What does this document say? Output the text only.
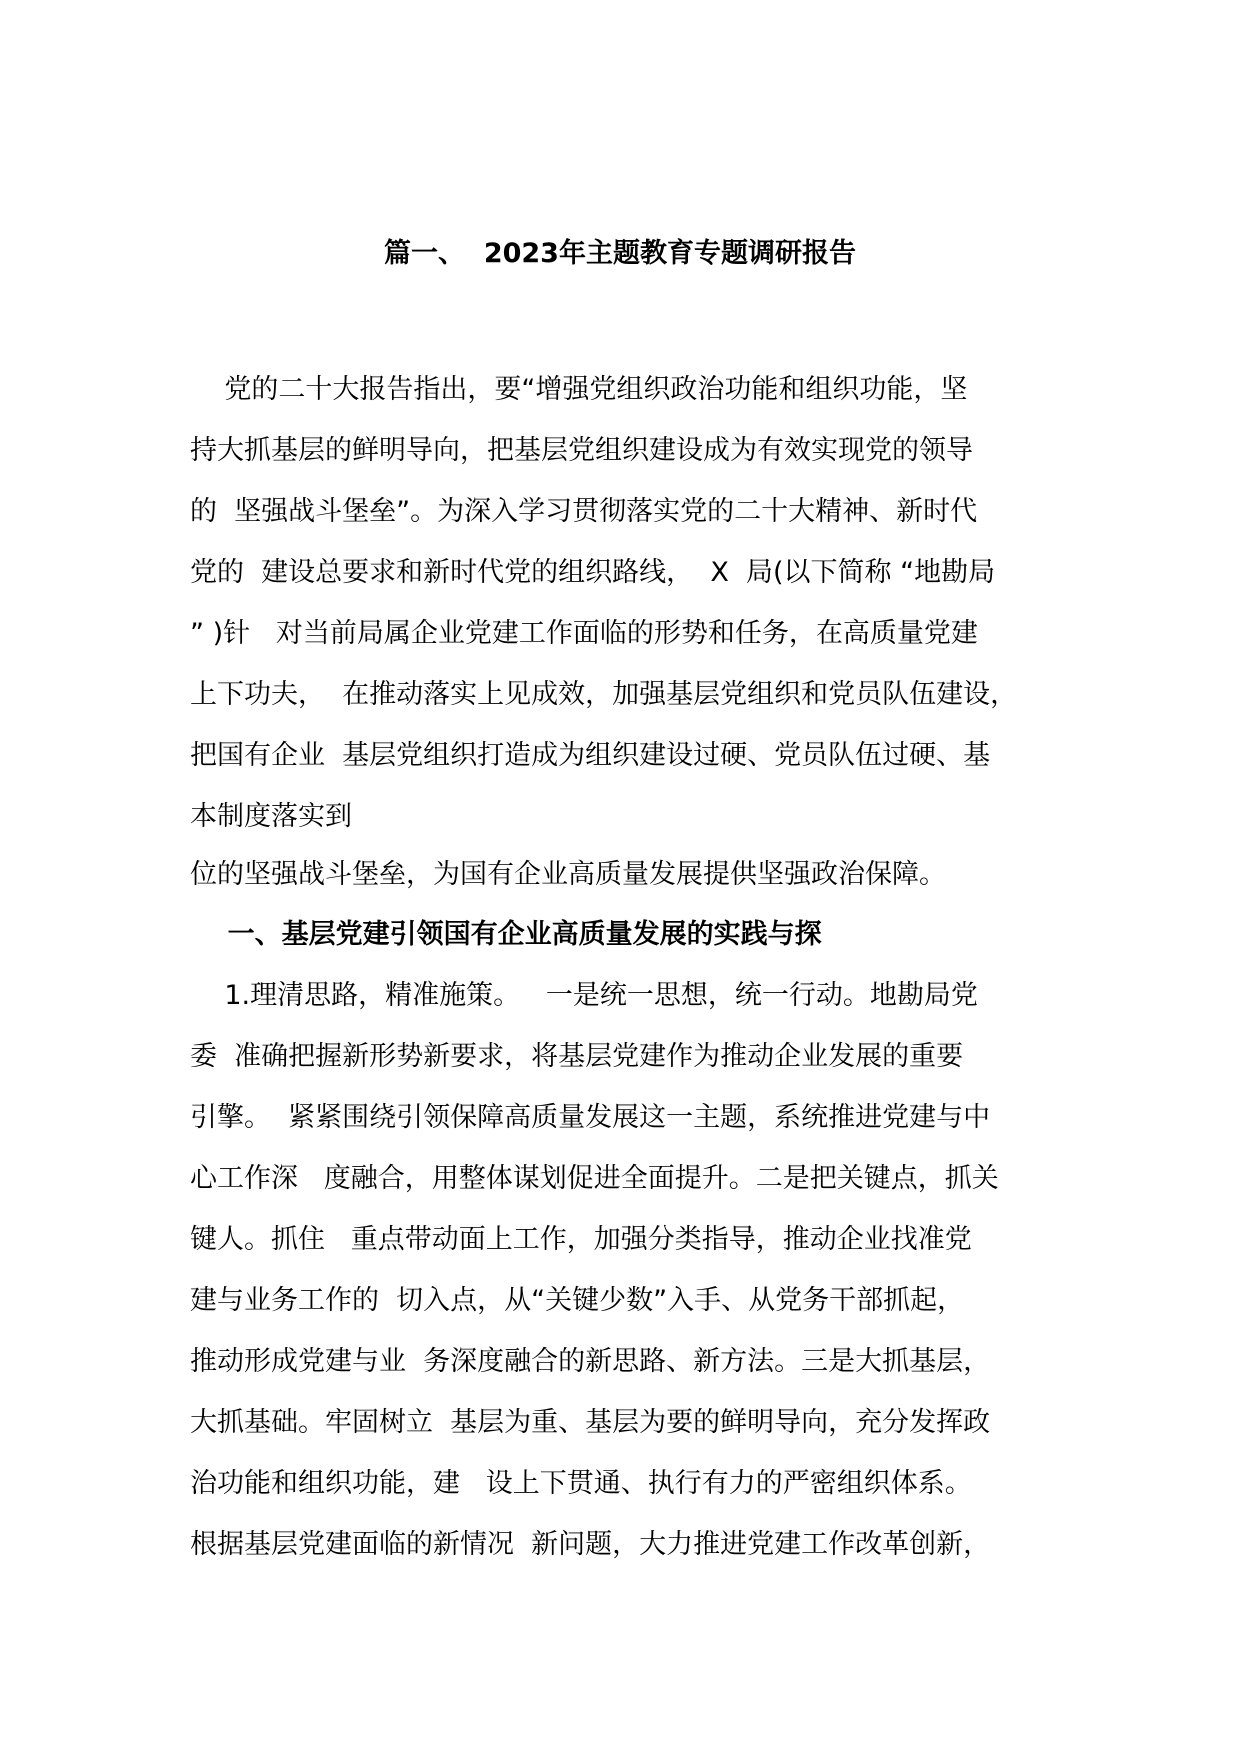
篇一、  2023年主题教育专题调研报告
党的二十大报告指出，要“增强党组织政治功能和组织功能，坚
持大抓基层的鲜明导向，把基层党组织建设成为有效实现党的领导
的  坚强战斗堡垒”。为深入学习贯彻落实党的二十大精神、新时代
党的  建设总要求和新时代党的组织路线，  X  局(以下简称 “地勘局
” )针   对当前局属企业党建工作面临的形势和任务，在高质量党建
上下功夫，  在推动落实上见成效，加强基层党组织和党员队伍建设，
把国有企业  基层党组织打造成为组织建设过硬、党员队伍过硬、基
本制度落实到
位的坚强战斗堡垒，为国有企业高质量发展提供坚强政治保障。
一、基层党建引领国有企业高质量发展的实践与探
1.理清思路，精准施策。   一是统一思想，统一行动。地勘局党
委  准确把握新形势新要求，将基层党建作为推动企业发展的重要
引擎。  紧紧围绕引领保障高质量发展这一主题，系统推进党建与中
心工作深   度融合，用整体谋划促进全面提升。二是把关键点，抓关
键人。抓住   重点带动面上工作，加强分类指导，推动企业找准党
建与业务工作的  切入点，从“关键少数”入手、从党务干部抓起，
推动形成党建与业  务深度融合的新思路、新方法。三是大抓基层，
大抓基础。牢固树立  基层为重、基层为要的鲜明导向，充分发挥政
治功能和组织功能，建   设上下贯通、执行有力的严密组织体系。
根据基层党建面临的新情况  新问题，大力推进党建工作改革创新，
